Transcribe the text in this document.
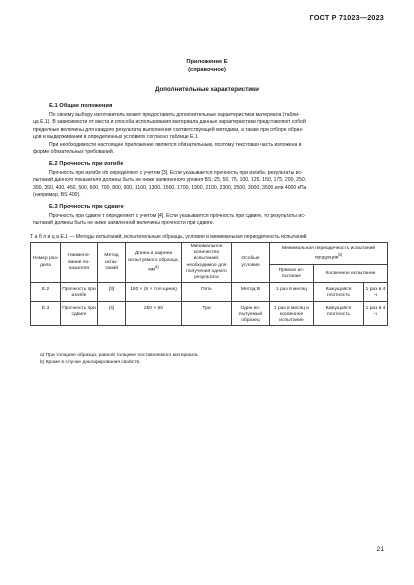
ГОСТ Р 71023—2023
Приложение Е
(справочное)
Дополнительные характеристики
Е.1 Общие положения
По своему выбору изготовитель может предоставить дополнительные характеристики материала (табли-
ца Е.1). В зависимости от места и способа использования материала данные характеристики представляют собой
пределные величины для каждого результата выполнения соответствующей методики, а также при отборе образ-
цов и выдерживании в определенных условиях согласно таблице Е.1
При необходимости настоящее приложение является обязательным, поэтому текстовая часть изложена в
форме обязательных требований.
Е.2 Прочность при изгибе
Прочность при изгибе σb определяют с учетом [3]. Если указывается прочность при изгибе, результаты ис-
пытаний данного показателя должны быть не ниже заявленного уровня BS: 25, 50, 75, 100, 125, 150, 175, 200, 250,
300, 350, 400, 450, 500, 600, 700, 800, 900, 1100, 1300, 1500, 1700, 1900, 2100, 2300, 2500, 3000, 3500 или 4000 кПа
(например, BS 400).
Е.3 Прочность при сдвиге
Прочность при сдвиге τ определяют с учетом [4]. Если указывается прочность при сдвиге, то результаты ис-
пытаний должны быть не ниже заявленной величины прочности при сдвиге.
Т а б л и ц а Е.1 — Методы испытаний, испытательные образцы, условия и минимальная периодичность испытаний
Номер раз-дела	Наимено-вание по-казателя	Метод испы-таний	Длина и ширина испытуемого образца, $мм^{а)}$	Минимальное количество испытаний, необходимое для получения одного результата	Особые условия	Минимальная периодичность испытаний продукции$^{b)}$
						Прямое ис-пытание	Косвенное испытание	
Е.2	Прочность при изгибе	[3]	150 × (5 × тол-щина)	Пять	Метод В	1 раз в месяц	Кажущаяся плотность	1 раз в 4 ч
Е.3	Прочность при сдвиге	[4]	250 × 50	Три	Один ис-пытуемый образец	1 раз в месяц и косвенное испытание	Кажущаяся плотность	1 раз в 4 ч
а) При толщине образца, равной толщине поставляемого материала.
b) Кроме в случае декларирования свойств.
21
